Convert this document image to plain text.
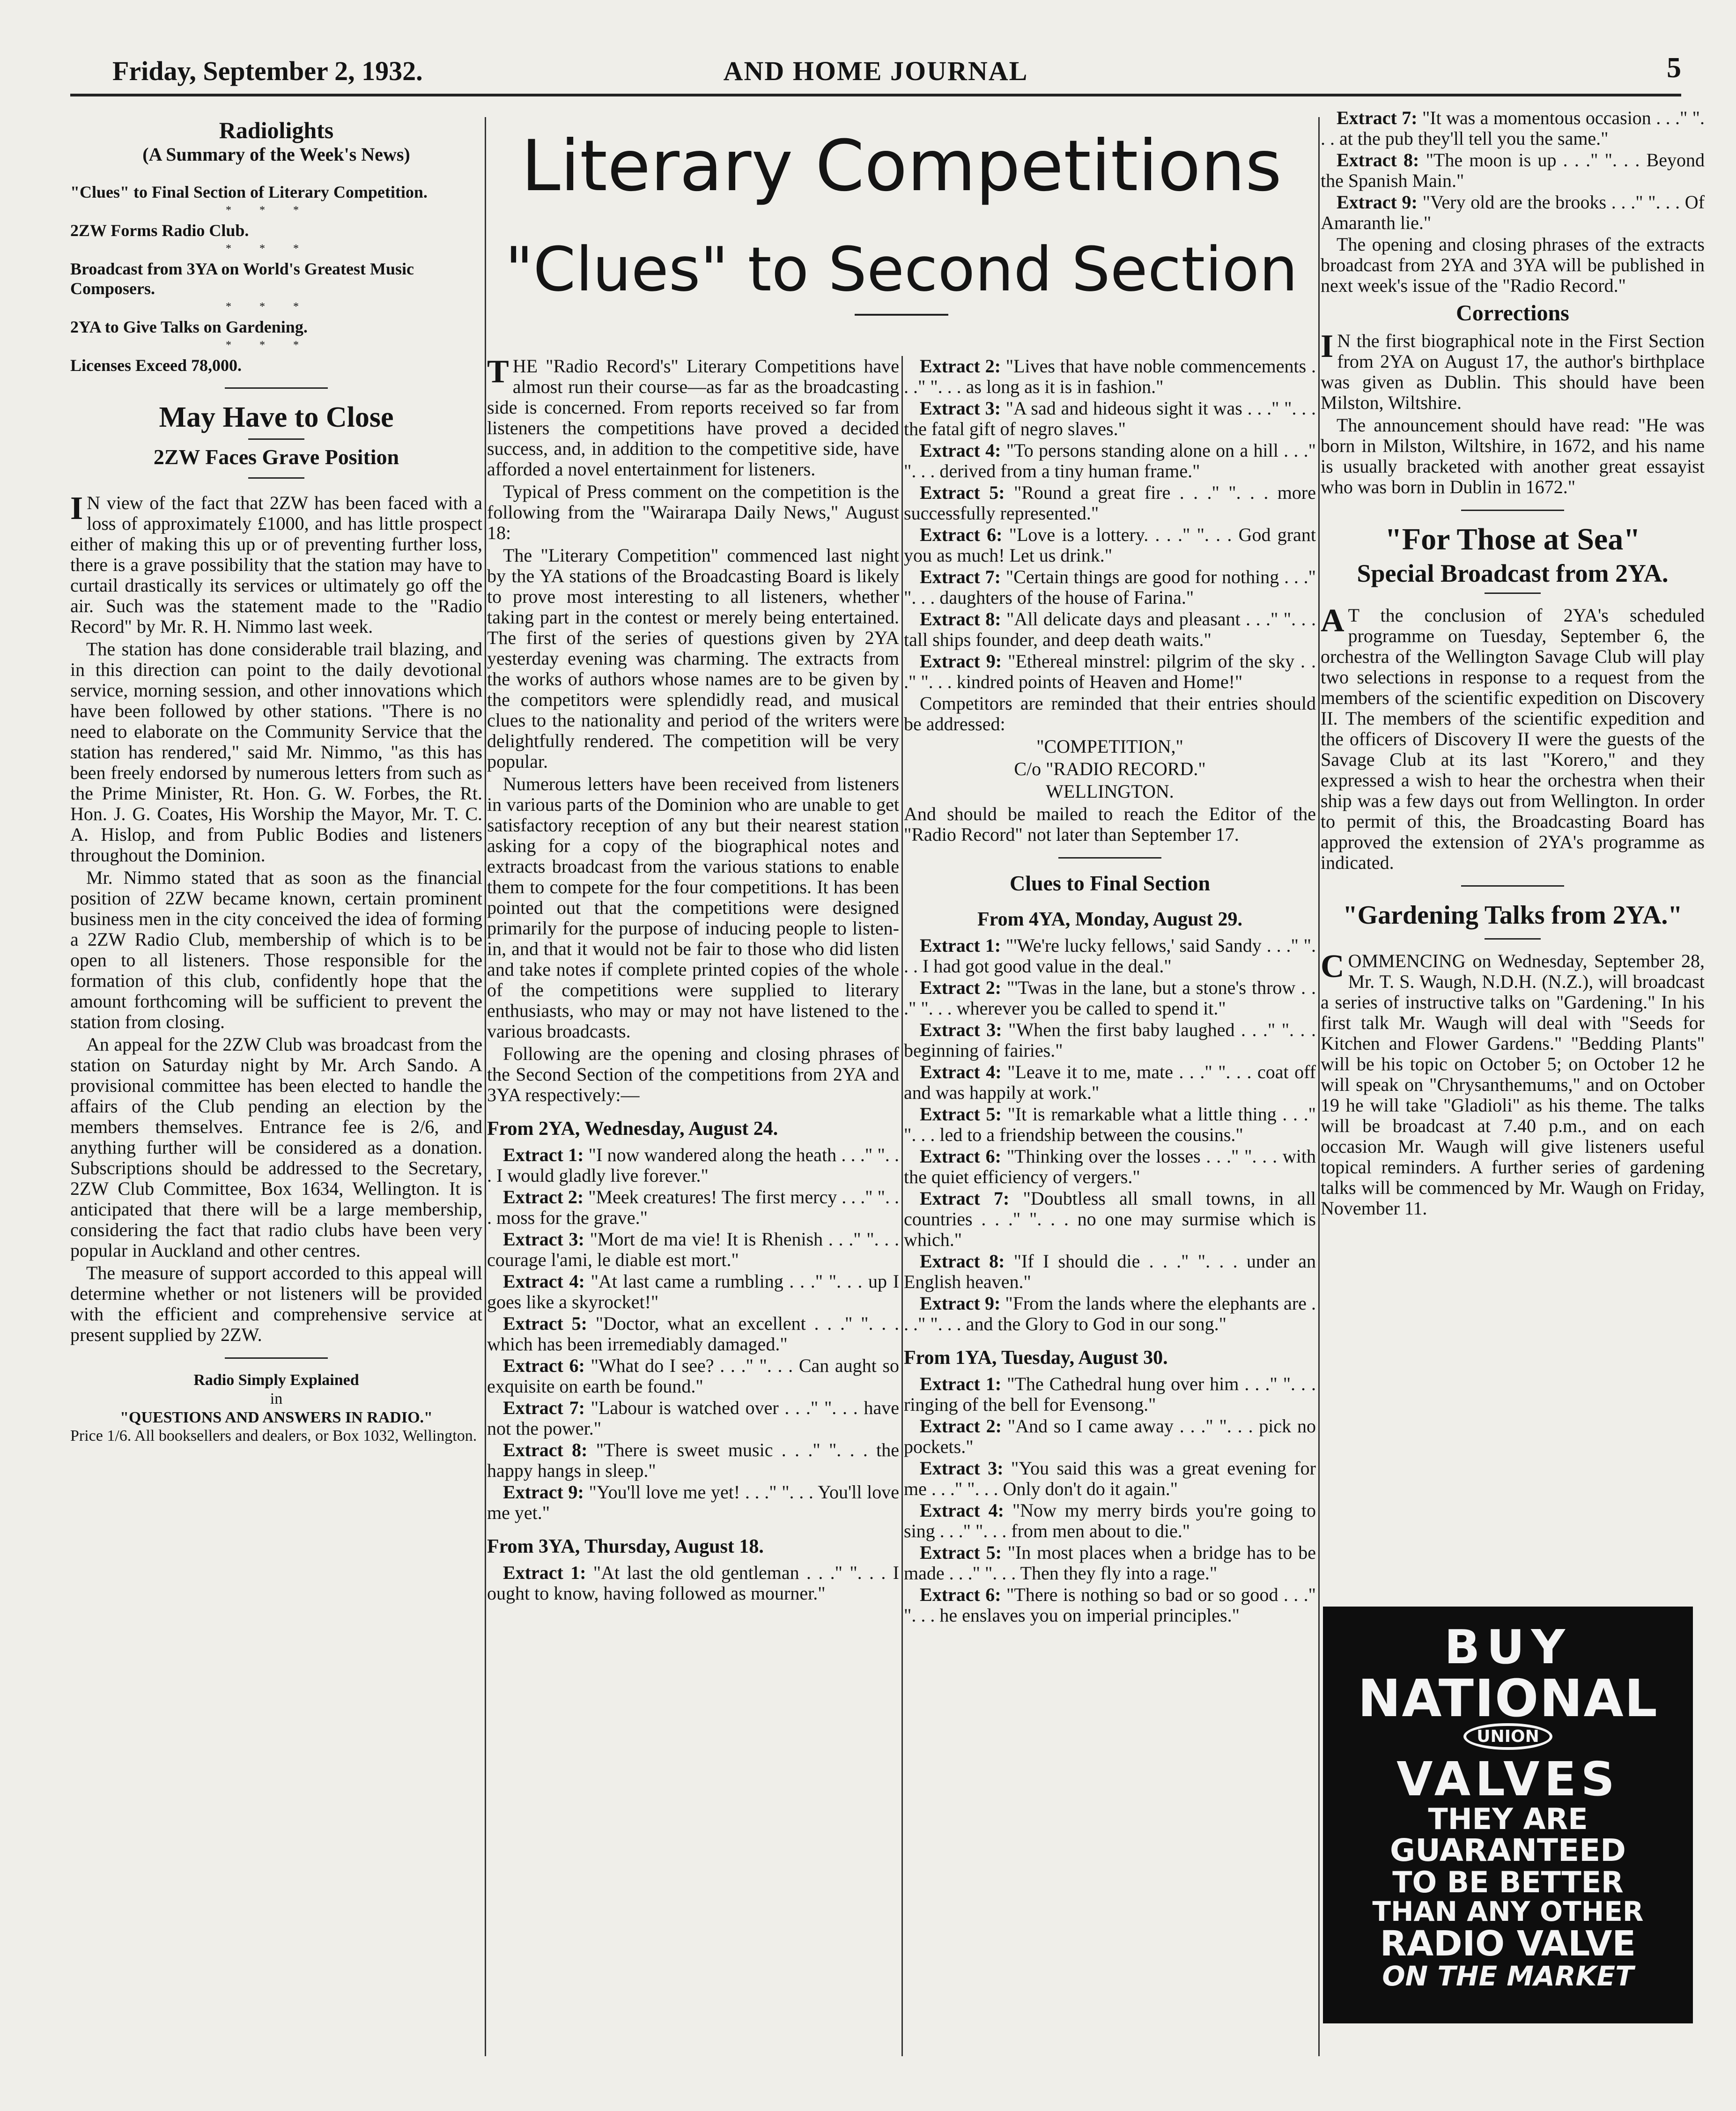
Friday, September 2, 1932.	AND HOME JOURNAL	5
Radiolights
(A Summary of the Week's News)
"Clues" to Final Section of Literary Competition.
***
2ZW Forms Radio Club.
***
Broadcast from 3YA on World's Greatest Music Composers.
***
2YA to Give Talks on Gardening.
***
Licenses Exceed 78,000.
May Have to Close
2ZW Faces Grave Position

I N view of the fact that 2ZW has been faced with a loss of approximately £1000, and has little prospect either of making this up or of preventing further loss, there is a grave possibility that the station may have to curtail drastically its services or ultimately go off the air. Such was the statement made to the "Radio Record" by Mr. R. H. Nimmo last week.

The station has done considerable trail blazing, and in this direction can point to the daily devotional service, morning session, and other innovations which have been followed by other stations. "There is no need to elaborate on the Community Service that the station has rendered," said Mr. Nimmo, "as this has been freely endorsed by numerous letters from such as the Prime Minister, Rt. Hon. G. W. Forbes, the Rt. Hon. J. G. Coates, His Worship the Mayor, Mr. T. C. A. Hislop, and from Public Bodies and listeners throughout the Dominion.

Mr. Nimmo stated that as soon as the financial position of 2ZW became known, certain prominent business men in the city conceived the idea of forming a 2ZW Radio Club, membership of which is to be open to all listeners. Those responsible for the formation of this club, confidently hope that the amount forthcoming will be sufficient to prevent the station from closing.

An appeal for the 2ZW Club was broadcast from the station on Saturday night by Mr. Arch Sando. A provisional committee has been elected to handle the affairs of the Club pending an election by the members themselves. Entrance fee is 2/6, and anything further will be considered as a donation. Subscriptions should be addressed to the Secretary, 2ZW Club Committee, Box 1634, Wellington. It is anticipated that there will be a large membership, considering the fact that radio clubs have been very popular in Auckland and other centres.

The measure of support accorded to this appeal will determine whether or not listeners will be provided with the efficient and comprehensive service at present supplied by 2ZW.

Radio Simply Explained
in
"QUESTIONS AND ANSWERS IN RADIO."
Price 1/6. All booksellers and dealers, or Box 1032, Wellington.
Literary Competitions
"Clues" to Second Section

THE "Radio Record's" Literary Competitions have almost run their course—as far as the broadcasting side is concerned. From reports received so far from listeners the competitions have proved a decided success, and, in addition to the competitive side, have afforded a novel entertainment for listeners.

Typical of Press comment on the competition is the following from the "Wairarapa Daily News," August 18:

The "Literary Competition" commenced last night by the YA stations of the Broadcasting Board is likely to prove most interesting to all listeners, whether taking part in the contest or merely being entertained. The first of the series of questions given by 2YA yesterday evening was charming. The extracts from the works of authors whose names are to be given by the competitors were splendidly read, and musical clues to the nationality and period of the writers were delightfully rendered. The competition will be very popular.

Numerous letters have been received from listeners in various parts of the Dominion who are unable to get satisfactory reception of any but their nearest station asking for a copy of the biographical notes and extracts broadcast from the various stations to enable them to compete for the four competitions. It has been pointed out that the competitions were designed primarily for the purpose of inducing people to listen-in, and that it would not be fair to those who did listen and take notes if complete printed copies of the whole of the competitions were supplied to literary enthusiasts, who may or may not have listened to the various broadcasts.

Following are the opening and closing phrases of the Second Section of the competitions from 2YA and 3YA respectively:—

From 2YA, Wednesday, August 24.

Extract 1: "I now wandered along the heath . . ." ". . . I would gladly live forever."

Extract 2: "Meek creatures! The first mercy . . ." ". . . moss for the grave."

Extract 3: "Mort de ma vie! It is Rhenish . . ." ". . . courage l'ami, le diable est mort."

Extract 4: "At last came a rumbling . . ." ". . . up I goes like a skyrocket!"

Extract 5: "Doctor, what an excellent . . ." ". . . which has been irremediably damaged."

Extract 6: "What do I see? . . ." ". . . Can aught so exquisite on earth be found."

Extract 7: "Labour is watched over . . ." ". . . have not the power."

Extract 8: "There is sweet music . . ." ". . . the happy hangs in sleep."

Extract 9: "You'll love me yet! . . ." ". . . You'll love me yet."

From 3YA, Thursday, August 18.

Extract 1: "At last the old gentleman . . ." ". . . I ought to know, having followed as mourner."

Extract 2: "Lives that have noble commencements . . ." ". . . as long as it is in fashion."

Extract 3: "A sad and hideous sight it was . . ." ". . . the fatal gift of negro slaves."

Extract 4: "To persons standing alone on a hill . . ." ". . . derived from a tiny human frame."

Extract 5: "Round a great fire . . ." ". . . more successfully represented."

Extract 6: "Love is a lottery. . . ." ". . . God grant you as much! Let us drink."

Extract 7: "Certain things are good for nothing . . ." ". . . daughters of the house of Farina."

Extract 8: "All delicate days and pleasant . . ." ". . . tall ships founder, and deep death waits."

Extract 9: "Ethereal minstrel: pilgrim of the sky . . ." ". . . kindred points of Heaven and Home!"

Competitors are reminded that their entries should be addressed:

"COMPETITION,"

C/o "RADIO RECORD."

WELLINGTON.

And should be mailed to reach the Editor of the "Radio Record" not later than September 17.

Clues to Final Section
From 4YA, Monday, August 29.

Extract 1: "'We're lucky fellows,' said Sandy . . ." ". . . I had got good value in the deal."

Extract 2: "'Twas in the lane, but a stone's throw . . ." ". . . wherever you be called to spend it."

Extract 3: "When the first baby laughed . . ." ". . . beginning of fairies."

Extract 4: "Leave it to me, mate . . ." ". . . coat off and was happily at work."

Extract 5: "It is remarkable what a little thing . . ." ". . . led to a friendship between the cousins."

Extract 6: "Thinking over the losses . . ." ". . . with the quiet efficiency of vergers."

Extract 7: "Doubtless all small towns, in all countries . . ." ". . . no one may surmise which is which."

Extract 8: "If I should die . . ." ". . . under an English heaven."

Extract 9: "From the lands where the elephants are . . ." ". . . and the Glory to God in our song."

From 1YA, Tuesday, August 30.

Extract 1: "The Cathedral hung over him . . ." ". . . ringing of the bell for Evensong."

Extract 2: "And so I came away . . ." ". . . pick no pockets."

Extract 3: "You said this was a great evening for me . . ." ". . . Only don't do it again."

Extract 4: "Now my merry birds you're going to sing . . ." ". . . from men about to die."

Extract 5: "In most places when a bridge has to be made . . ." ". . . Then they fly into a rage."

Extract 6: "There is nothing so bad or so good . . ." ". . . he enslaves you on imperial principles."

Extract 7: "It was a momentous occasion . . ." ". . . at the pub they'll tell you the same."

Extract 8: "The moon is up . . ." ". . . Beyond the Spanish Main."

Extract 9: "Very old are the brooks . . ." ". . . Of Amaranth lie."

The opening and closing phrases of the extracts broadcast from 2YA and 3YA will be published in next week's issue of the "Radio Record."

Corrections

I N the first biographical note in the First Section from 2YA on August 17, the author's birthplace was given as Dublin. This should have been Milston, Wiltshire.

The announcement should have read: "He was born in Milston, Wiltshire, in 1672, and his name is usually bracketed with another great essayist who was born in Dublin in 1672."

"For Those at Sea"
Special Broadcast from 2YA.

A T the conclusion of 2YA's scheduled programme on Tuesday, September 6, the orchestra of the Wellington Savage Club will play two selections in response to a request from the members of the scientific expedition on Discovery II. The members of the scientific expedition and the officers of Discovery II were the guests of the Savage Club at its last "Korero," and they expressed a wish to hear the orchestra when their ship was a few days out from Wellington. In order to permit of this, the Broadcasting Board has approved the extension of 2YA's programme as indicated.

"Gardening Talks from 2YA."

COMMENCING on Wednesday, September 28, Mr. T. S. Waugh, N.D.H. (N.Z.), will broadcast a series of instructive talks on "Gardening." In his first talk Mr. Waugh will deal with "Seeds for Kitchen and Flower Gardens." "Bedding Plants" will be his topic on October 5; on October 12 he will speak on "Chrysanthemums," and on October 19 he will take "Gladioli" as his theme. The talks will be broadcast at 7.40 p.m., and on each occasion Mr. Waugh will give listeners useful topical reminders. A further series of gardening talks will be commenced by Mr. Waugh on Friday, November 11.

BUY
NATIONAL
UNION
VALVES
THEY ARE
GUARANTEED
TO BE BETTER
THAN ANY OTHER
RADIO VALVE
ON THE MARKET
